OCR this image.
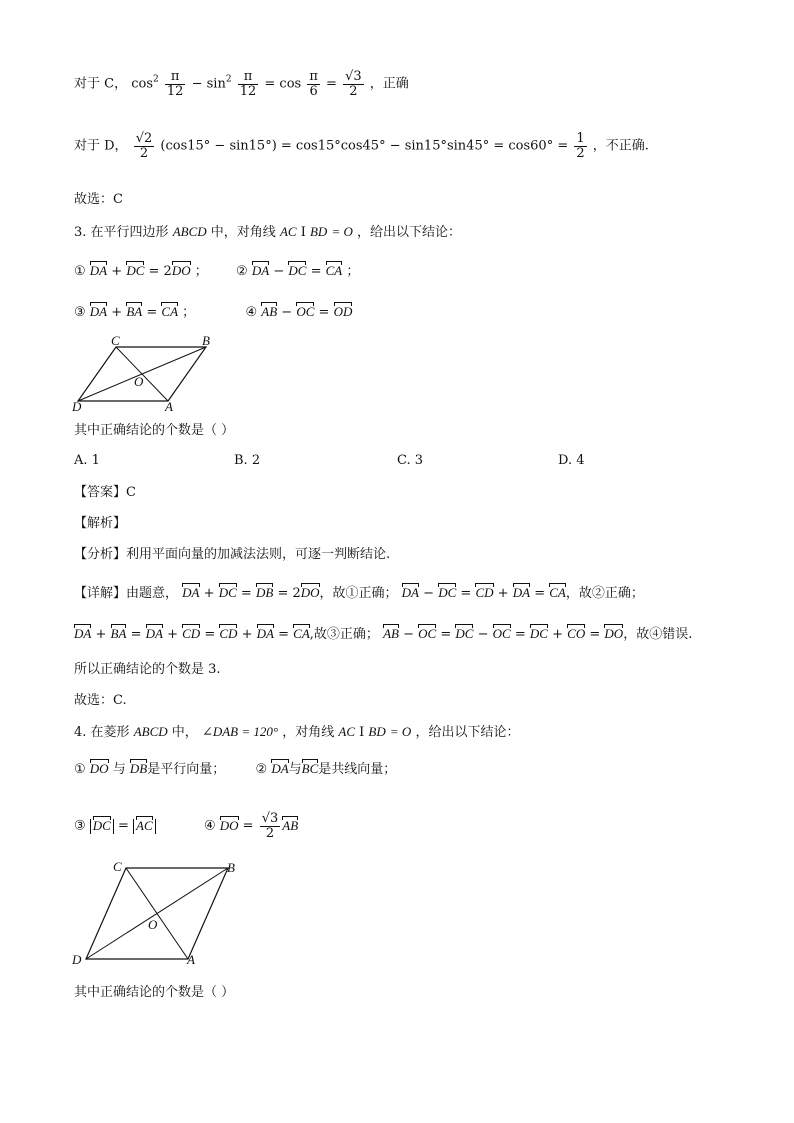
对于 C， $\cos^2 \frac{\pi}{12} - \sin^2 \frac{\pi}{12} = \cos \frac{\pi}{6} = \frac{√3}{2}$ ，正确
对于 D， $\frac{√2}{2} (\cos 15^\circ - \sin 15^\circ) = \cos 15^\circ\cos 45^\circ - \sin 15^\circ\sin 45^\circ = \cos 60^\circ = \frac{1}{2}$ ，不正确.
故选：C
3. 在平行四边形 ABCD 中，对角线 AC I BD = O ，给出以下结论：
① DA + DC = 2DO ； ② DA − DC = CA ；
③ DA + BA = CA ；	④ AB − OC = OD
C	B
O
D	A
其中正确结论的个数是（ ）
A. 1	B. 2	C. 3	D. 4
【答案】C
【解析】
【分析】利用平面向量的加减法法则，可逐一判断结论.
【详解】由题意， DA + DC = DB = 2DO，故①正确； DA − DC = CD + DA = CA，故②正确；
DA + BA = DA + CD = CD + DA = CA,故③正确； AB − OC = DC − OC = DC + CO = DO，故④错误.
所以正确结论的个数是 3.
故选：C.
4. 在菱形 ABCD 中， ∠DAB = 120° ，对角线 AC I BD = O ，给出以下结论：
① DO 与 DB是平行向量； ② DA与BC是共线向量；
③ DC = AC	④ DO = $\frac{√3}{2}$ AB
C	B
O
D	A
其中正确结论的个数是（ ）
